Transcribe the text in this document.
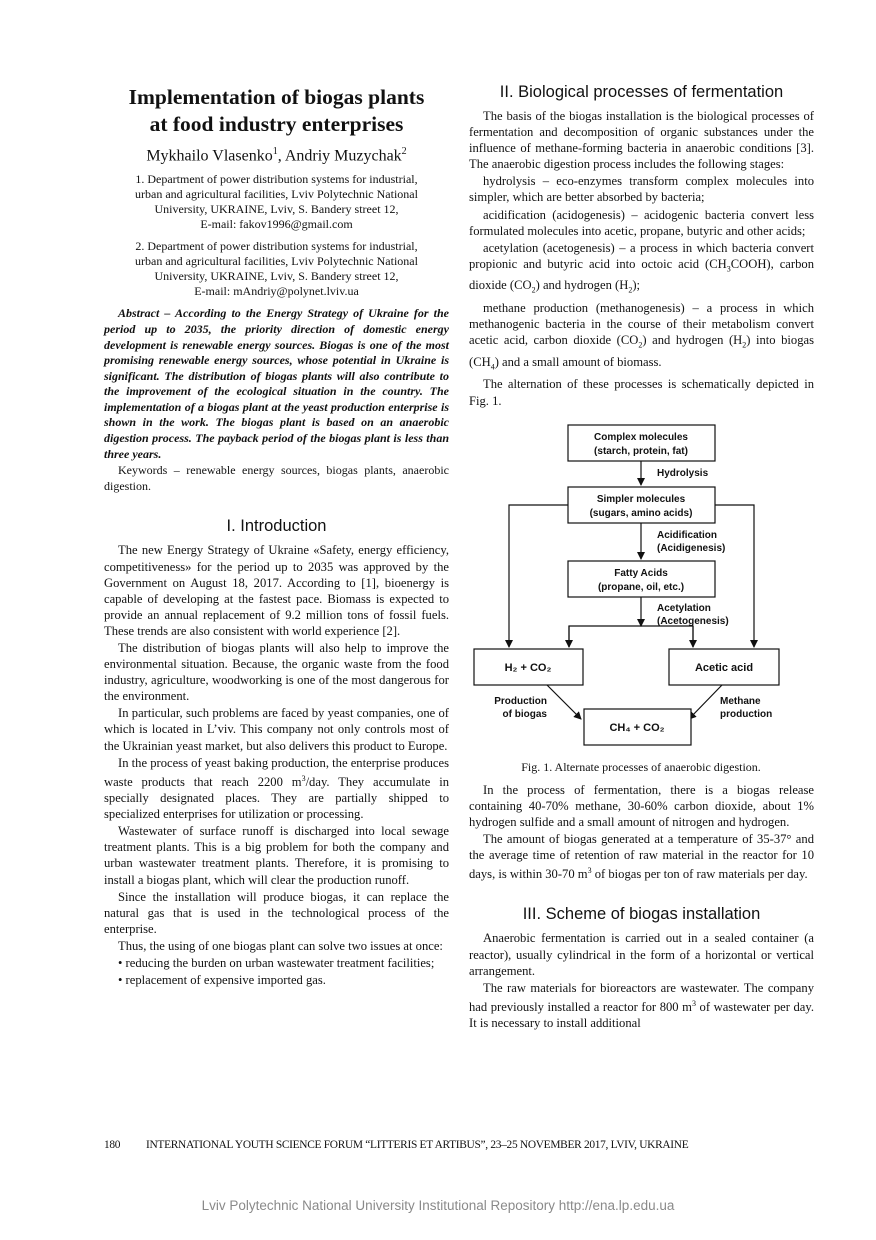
Implementation of biogas plants
at food industry enterprises
Mykhailo Vlasenko$^1$, Andriy Muzychak$^2$
1. Department of power distribution systems for industrial,
urban and agricultural facilities, Lviv Polytechnic National
University, UKRAINE, Lviv, S. Bandery street 12,
E-mail: fakov1996@gmail.com
2. Department of power distribution systems for industrial,
urban and agricultural facilities, Lviv Polytechnic National
University, UKRAINE, Lviv, S. Bandery street 12,
E-mail: mAndriy@polynet.lviv.ua

Abstract – According to the Energy Strategy of Ukraine for the period up to 2035, the priority direction of domestic energy development is renewable energy sources. Biogas is one of the most promising renewable energy sources, whose potential in Ukraine is significant. The distribution of biogas plants will also contribute to the improvement of the ecological situation in the country. The implementation of a biogas plant at the yeast production enterprise is shown in the work. The biogas plant is based on an anaerobic digestion process. The payback period of the biogas plant is less than three years.

Keywords – renewable energy sources, biogas plants, anaerobic digestion.

I. Introduction

The new Energy Strategy of Ukraine «Safety, energy efficiency, competitiveness» for the period up to 2035 was approved by the Government on August 18, 2017. According to [1], bioenergy is capable of developing at the fastest pace. Biomass is expected to provide an annual replacement of 9.2 million tons of fossil fuels. These trends are also consistent with world experience [2].

The distribution of biogas plants will also help to improve the environmental situation. Because, the organic waste from the food industry, agriculture, woodworking is one of the most dangerous for the environment.

In particular, such problems are faced by yeast companies, one of which is located in L’viv. This company not only controls most of the Ukrainian yeast market, but also delivers this product to Europe.

In the process of yeast baking production, the enterprise produces waste products that reach 2200 $m^3$/day. They accumulate in specially designated places. They are partially shipped to specialized enterprises for utilization or processing.

Wastewater of surface runoff is discharged into local sewage treatment plants. This is a big problem for both the company and urban wastewater treatment plants. Therefore, it is promising to install a biogas plant, which will clear the production runoff.

Since the installation will produce biogas, it can replace the natural gas that is used in the technological process of the enterprise.

Thus, the using of one biogas plant can solve two issues at once:

• reducing the burden on urban wastewater treatment facilities;

• replacement of expensive imported gas.

II. Biological processes of fermentation

The basis of the biogas installation is the biological processes of fermentation and decomposition of organic substances under the influence of methane-forming bacteria in anaerobic conditions [3]. The anaerobic digestion process includes the following stages:

hydrolysis – eco-enzymes transform complex molecules into simpler, which are better absorbed by bacteria;

acidification (acidogenesis) – acidogenic bacteria convert less formulated molecules into acetic, propane, butyric and other acids;

acetylation (acetogenesis) – a process in which bacteria convert propionic and butyric acid into octoic acid $(CH_3COOH)$, carbon dioxide $(CO_2)$ and hydrogen $(H_2)$;

methane production (methanogenesis) – a process in which methanogenic bacteria in the course of their metabolism convert acetic acid, carbon dioxide $(CO_2)$ and hydrogen $(H_2)$ into biogas $(CH_4)$ and a small amount of biomass.

The alternation of these processes is schematically depicted in Fig. 1.

Complex molecules
(starch, protein, fat)
Hydrolysis
Simpler molecules
(sugars, amino acids)
Acidification
(Acidigenesis)
Fatty Acids
(propane, oil, etc.)
Acetylation
(Acetogenesis)
H₂ + CO₂	Acetic acid
Production
of biogas
Methane
production
CH₄ + CO₂
Fig. 1. Alternate processes of anaerobic digestion.

In the process of fermentation, there is a biogas release containing 40-70% methane, 30-60% carbon dioxide, about 1% hydrogen sulfide and a small amount of nitrogen and hydrogen.

The amount of biogas generated at a temperature of 35-37° and the average time of retention of raw material in the reactor for 10 days, is within 30-70 $m^3$ of biogas per ton of raw materials per day.

III. Scheme of biogas installation

Anaerobic fermentation is carried out in a sealed container (a reactor), usually cylindrical in the form of a horizontal or vertical arrangement.

The raw materials for bioreactors are wastewater. The company had previously installed a reactor for 800 $m^3$ of wastewater per day. It is necessary to install additional

180 INTERNATIONAL YOUTH SCIENCE FORUM “LITTERIS ET ARTIBUS”, 23–25 NOVEMBER 2017, LVIV, UKRAINE
Lviv Polytechnic National University Institutional Repository http://ena.lp.edu.ua
